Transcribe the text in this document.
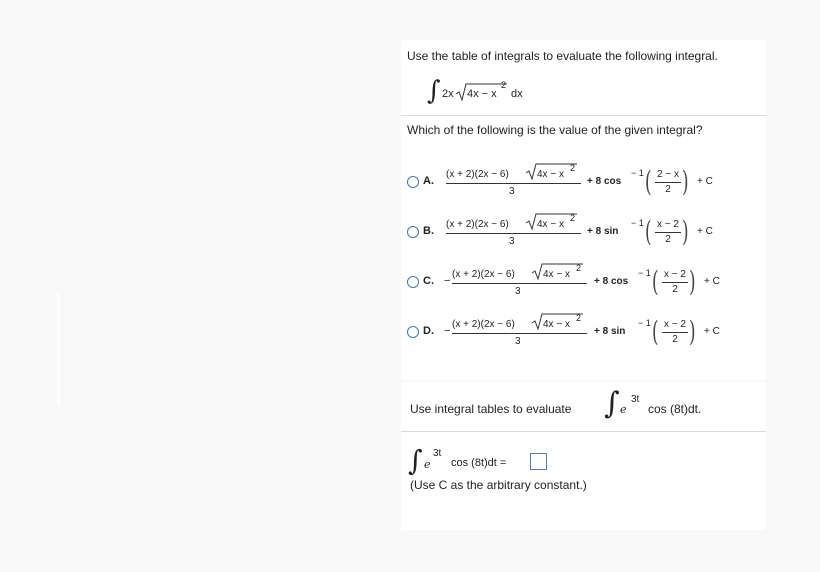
Use the table of integrals to evaluate the following integral.
∫ 2x 4x − x
2
dx
Which of the following is the value of the given integral?
A.
(x + 2)(2x − 6)	4x − x
2
3
+ 8 cos
− 1 ( 2 − x
2 ) + C
B.
(x + 2)(2x − 6)	4x − x
2
3
+ 8 sin
− 1 ( x − 2
2 ) + C
C. −
(x + 2)(2x − 6)	4x − x
2
3
+ 8 cos
− 1 ( x − 2
2 ) + C
D. −
(x + 2)(2x − 6)	4x − x
2
3
+ 8 sin
− 1 ( x − 2
2 ) + C
Use integral tables to evaluate ∫ e
3t
cos (8t)dt.
∫ e
3t
cos (8t)dt =
(Use C as the arbitrary constant.)
